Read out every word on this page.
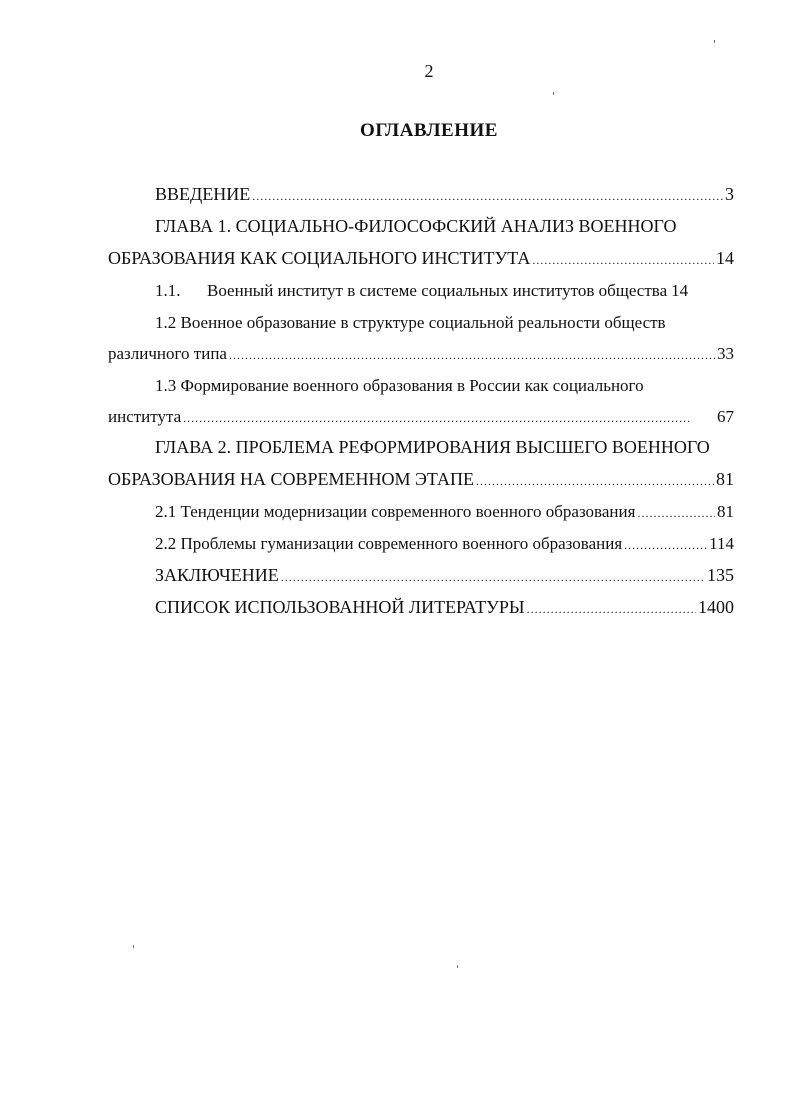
2
ОГЛАВЛЕНИЕ
ВВЕДЕНИЕ . . .	3
ГЛАВА 1. СОЦИАЛЬНО-ФИЛОСОФСКИЙ АНАЛИЗ ВОЕННОГО
ОБРАЗОВАНИЯ КАК СОЦИАЛЬНОГО ИНСТИТУТА . . .	14
1.1.	Военный институт в системе социальных институтов общества 14
1.2 Военное образование в структуре социальной реальности обществ
различного типа . . .	33
1.3 Формирование военного образования в России как социального
института . . .	67
ГЛАВА 2. ПРОБЛЕМА РЕФОРМИРОВАНИЯ ВЫСШЕГО ВОЕННОГО
ОБРАЗОВАНИЯ НА СОВРЕМЕННОМ ЭТАПЕ . . .	81
2.1 Тенденции модернизации современного военного образования . . .	81
2.2 Проблемы гуманизации современного военного образования . . .	114
ЗАКЛЮЧЕНИЕ . . .	135
СПИСОК ИСПОЛЬЗОВАННОЙ ЛИТЕРАТУРЫ . . .	1400
